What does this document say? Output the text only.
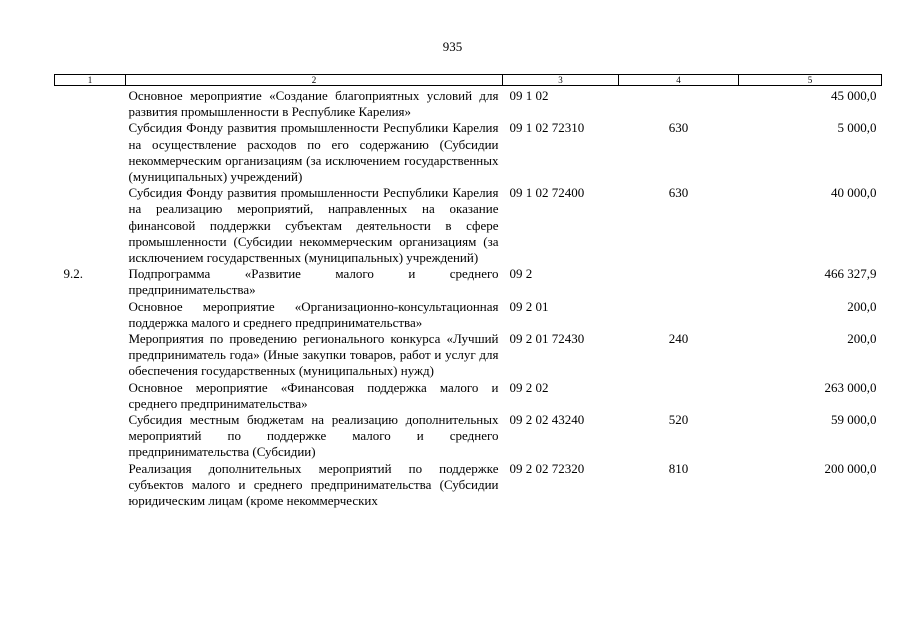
935
1	2	3	4	5
	Основное мероприятие «Создание благоприятных условий для развития промышленности в Республике Карелия»	09 1 02		45 000,0
	Субсидия Фонду развития промышленности Республики Карелия на осуществление расходов по его содержанию (Субсидии некоммерческим организациям (за исключением государственных (муниципальных) учреждений)	09 1 02 72310	630	5 000,0
	Субсидия Фонду развития промышленности Республики Карелия на реализацию мероприятий, направленных на оказание финансовой поддержки субъектам деятельности в сфере промышленности (Субсидии некоммерческим организациям (за исключением государственных (муниципальных) учреждений)	09 1 02 72400	630	40 000,0
9.2.	Подпрограмма «Развитие малого и среднего предпринимательства»	09 2		466 327,9
	Основное мероприятие «Организационно-консультационная поддержка малого и среднего предпринимательства»	09 2 01		200,0
	Мероприятия по проведению регионального конкурса «Лучший предприниматель года» (Иные закупки товаров, работ и услуг для обеспечения государственных (муниципальных) нужд)	09 2 01 72430	240	200,0
	Основное мероприятие «Финансовая поддержка малого и среднего предпринимательства»	09 2 02		263 000,0
	Субсидия местным бюджетам на реализацию дополнительных мероприятий по поддержке малого и среднего предпринимательства (Субсидии)	09 2 02 43240	520	59 000,0
	Реализация дополнительных мероприятий по поддержке субъектов малого и среднего предпринимательства (Субсидии юридическим лицам (кроме некоммерческих	09 2 02 72320	810	200 000,0
